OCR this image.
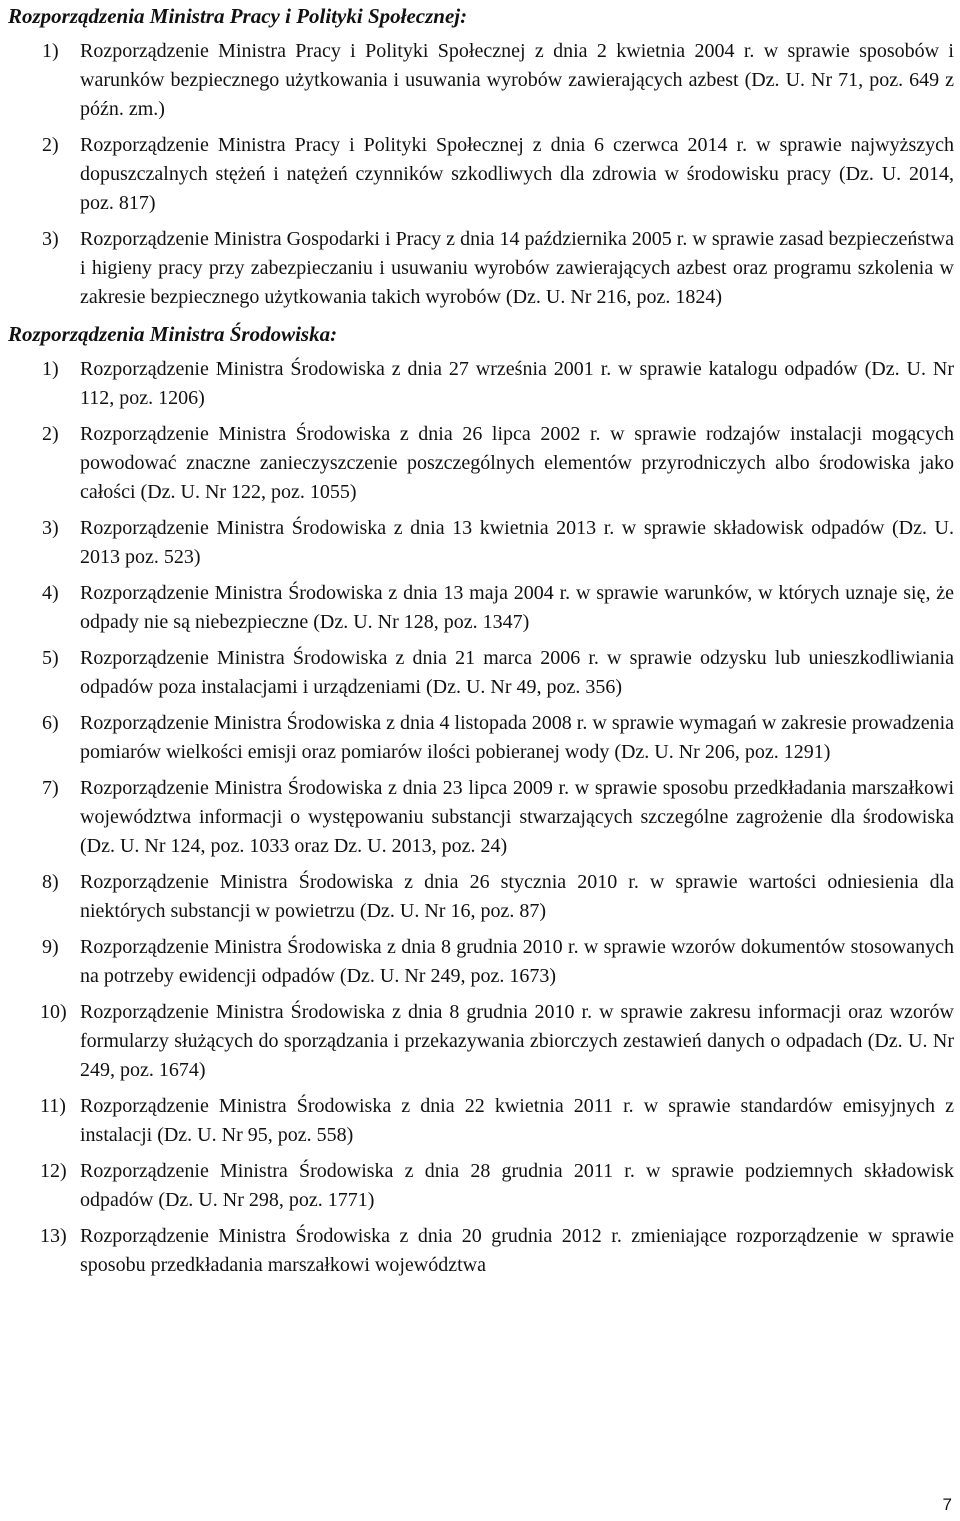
Rozporządzenia Ministra Pracy i Polityki Społecznej:
1)	Rozporządzenie Ministra Pracy i Polityki Społecznej z dnia 2 kwietnia 2004 r. w sprawie sposobów i warunków bezpiecznego użytkowania i usuwania wyrobów zawierających azbest (Dz. U. Nr 71, poz. 649 z późn. zm.)
2)	Rozporządzenie Ministra Pracy i Polityki Społecznej z dnia 6 czerwca 2014 r. w sprawie najwyższych dopuszczalnych stężeń i natężeń czynników szkodliwych dla zdrowia w środowisku pracy (Dz. U. 2014, poz. 817)
3)	Rozporządzenie Ministra Gospodarki i Pracy z dnia 14 października 2005 r. w sprawie zasad bezpieczeństwa i higieny pracy przy zabezpieczaniu i usuwaniu wyrobów zawierających azbest oraz programu szkolenia w zakresie bezpiecznego użytkowania takich wyrobów (Dz. U. Nr 216, poz. 1824)
Rozporządzenia Ministra Środowiska:
1)	Rozporządzenie Ministra Środowiska z dnia 27 września 2001 r. w sprawie katalogu odpadów (Dz. U. Nr 112, poz. 1206)
2)	Rozporządzenie Ministra Środowiska z dnia 26 lipca 2002 r. w sprawie rodzajów instalacji mogących powodować znaczne zanieczyszczenie poszczególnych elementów przyrodniczych albo środowiska jako całości (Dz. U. Nr 122, poz. 1055)
3)	Rozporządzenie Ministra Środowiska z dnia 13 kwietnia 2013 r. w sprawie składowisk odpadów (Dz. U. 2013 poz. 523)
4)	Rozporządzenie Ministra Środowiska z dnia 13 maja 2004 r. w sprawie warunków, w których uznaje się, że odpady nie są niebezpieczne (Dz. U. Nr 128, poz. 1347)
5)	Rozporządzenie Ministra Środowiska z dnia 21 marca 2006 r. w sprawie odzysku lub unieszkodliwiania odpadów poza instalacjami i urządzeniami (Dz. U. Nr 49, poz. 356)
6)	Rozporządzenie Ministra Środowiska z dnia 4 listopada 2008 r. w sprawie wymagań w zakresie prowadzenia pomiarów wielkości emisji oraz pomiarów ilości pobieranej wody (Dz. U. Nr 206, poz. 1291)
7)	Rozporządzenie Ministra Środowiska z dnia 23 lipca 2009 r. w sprawie sposobu przedkładania marszałkowi województwa informacji o występowaniu substancji stwarzających szczególne zagrożenie dla środowiska (Dz. U. Nr 124, poz. 1033 oraz Dz. U. 2013, poz. 24)
8)	Rozporządzenie Ministra Środowiska z dnia 26 stycznia 2010 r. w sprawie wartości odniesienia dla niektórych substancji w powietrzu (Dz. U. Nr 16, poz. 87)
9)	Rozporządzenie Ministra Środowiska z dnia 8 grudnia 2010 r. w sprawie wzorów dokumentów stosowanych na potrzeby ewidencji odpadów (Dz. U. Nr 249, poz. 1673)
10) Rozporządzenie Ministra Środowiska z dnia 8 grudnia 2010 r. w sprawie zakresu informacji oraz wzorów formularzy służących do sporządzania i przekazywania zbiorczych zestawień danych o odpadach (Dz. U. Nr 249, poz. 1674)
11) Rozporządzenie Ministra Środowiska z dnia 22 kwietnia 2011 r. w sprawie standardów emisyjnych z instalacji (Dz. U. Nr 95, poz. 558)
12) Rozporządzenie Ministra Środowiska z dnia 28 grudnia 2011 r. w sprawie podziemnych składowisk odpadów (Dz. U. Nr 298, poz. 1771)
13) Rozporządzenie Ministra Środowiska z dnia 20 grudnia 2012 r. zmieniające rozporządzenie w sprawie sposobu przedkładania marszałkowi województwa
7
